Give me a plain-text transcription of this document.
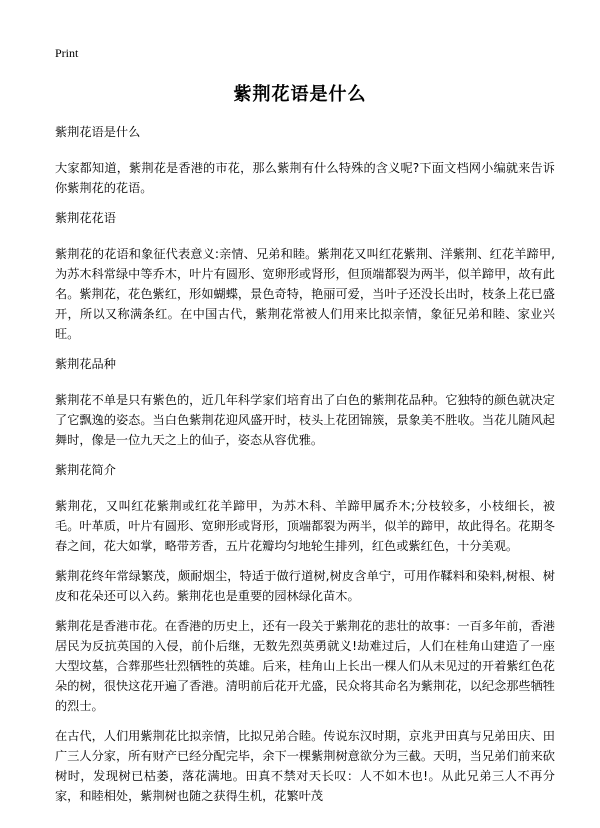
Print
紫荆花语是什么
紫荆花语是什么

大家都知道，紫荆花是香港的市花，那么紫荆有什么特殊的含义呢?下面文档网小编就来告诉你紫荆花的花语。

紫荆花花语

紫荆花的花语和象征代表意义:亲情、兄弟和睦。紫荆花又叫红花紫荆、洋紫荆、红花羊蹄甲,为苏木科常绿中等乔木，叶片有圆形、宽卵形或肾形，但顶端都裂为两半，似羊蹄甲，故有此名。紫荆花，花色紫红，形如蝴蝶，景色奇特，艳丽可爱，当叶子还没长出时，枝条上花已盛开，所以又称满条红。在中国古代，紫荆花常被人们用来比拟亲情，象征兄弟和睦、家业兴旺。

紫荆花品种

紫荆花不单是只有紫色的，近几年科学家们培育出了白色的紫荆花品种。它独特的颜色就决定了它飘逸的姿态。当白色紫荆花迎风盛开时，枝头上花团锦簇，景象美不胜收。当花儿随风起舞时，像是一位九天之上的仙子，姿态从容优雅。

紫荆花简介

紫荆花，又叫红花紫荆或红花羊蹄甲，为苏木科、羊蹄甲属乔木;分枝较多，小枝细长，被毛。叶革质，叶片有圆形、宽卵形或肾形，顶端都裂为两半，似羊的蹄甲，故此得名。花期冬春之间，花大如掌，略带芳香，五片花瓣均匀地轮生排列，红色或紫红色，十分美观。

紫荆花终年常绿繁茂，颇耐烟尘，特适于做行道树,树皮含单宁，可用作鞣料和染料,树根、树皮和花朵还可以入药。紫荆花也是重要的园林绿化苗木。

紫荆花是香港市花。在香港的历史上，还有一段关于紫荆花的悲壮的故事：一百多年前，香港居民为反抗英国的入侵，前仆后继，无数先烈英勇就义!劫难过后，人们在桂角山建造了一座大型坟墓，合葬那些壮烈牺牲的英雄。后来，桂角山上长出一棵人们从未见过的开着紫红色花朵的树，很快这花开遍了香港。清明前后花开尤盛，民众将其命名为紫荆花，以纪念那些牺牲的烈士。

在古代，人们用紫荆花比拟亲情，比拟兄弟合睦。传说东汉时期，京兆尹田真与兄弟田庆、田广三人分家，所有财产已经分配完毕，余下一棵紫荆树意欲分为三截。天明，当兄弟们前来砍树时，发现树已枯萎，落花满地。田真不禁对天长叹：人不如木也!。从此兄弟三人不再分家，和睦相处，紫荆树也随之获得生机，花繁叶茂
